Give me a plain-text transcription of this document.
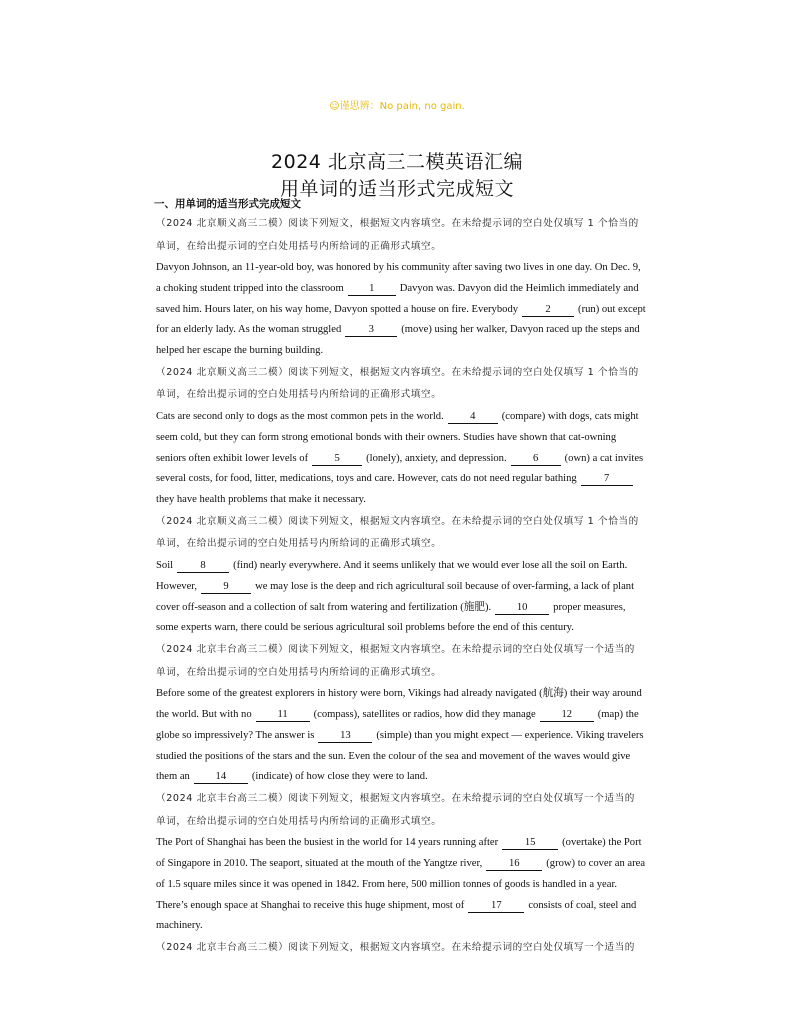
☺谨思辨：No pain, no gain.
2024 北京高三二模英语汇编
用单词的适当形式完成短文
一、用单词的适当形式完成短文
（2024 北京顺义高三二模）阅读下列短文，根据短文内容填空。在未给提示词的空白处仅填写 1 个恰当的
单词，在给出提示词的空白处用括号内所给词的正确形式填空。
Davyon Johnson, an 11-year-old boy, was honored by his community after saving two lives in one day. On Dec. 9,
a choking student tripped into the classroom 1 Davyon was. Davyon did the Heimlich immediately and
saved him. Hours later, on his way home, Davyon spotted a house on fire. Everybody	2	(run) out except
for an elderly lady. As the woman struggled	3	(move) using her walker, Davyon raced up the steps and
helped her escape the burning building.
（2024 北京顺义高三二模）阅读下列短文，根据短文内容填空。在未给提示词的空白处仅填写 1 个恰当的
单词，在给出提示词的空白处用括号内所给词的正确形式填空。
Cats are second only to dogs as the most common pets in the world. 4 (compare) with dogs, cats might
seem cold, but they can form strong emotional bonds with their owners. Studies have shown that cat-owning
seniors often exhibit lower levels of 5 (lonely), anxiety, and depression. 6 (own) a cat invites
several costs, for food, litter, medications, toys and care. However, cats do not need regular bathing	7
they have health problems that make it necessary.
（2024 北京顺义高三二模）阅读下列短文，根据短文内容填空。在未给提示词的空白处仅填写 1 个恰当的
单词，在给出提示词的空白处用括号内所给词的正确形式填空。
Soil	8	(find) nearly everywhere. And it seems unlikely that we would ever lose all the soil on Earth.
However, 9 we may lose is the deep and rich agricultural soil because of over-farming, a lack of plant
cover off-season and a collection of salt from watering and fertilization (施肥). 10 proper measures,
some experts warn, there could be serious agricultural soil problems before the end of this century.
（2024 北京丰台高三二模）阅读下列短文，根据短文内容填空。在未给提示词的空白处仅填写一个适当的
单词，在给出提示词的空白处用括号内所给词的正确形式填空。
Before some of the greatest explorers in history were born, Vikings had already navigated (航海) their way around
the world. But with no 11 (compass), satellites or radios, how did they manage 12 (map) the
globe so impressively? The answer is 13 (simple) than you might expect — experience. Viking travelers
studied the positions of the stars and the sun. Even the colour of the sea and movement of the waves would give
them an 14 (indicate) of how close they were to land.
（2024 北京丰台高三二模）阅读下列短文，根据短文内容填空。在未给提示词的空白处仅填写一个适当的
单词，在给出提示词的空白处用括号内所给词的正确形式填空。
The Port of Shanghai has been the busiest in the world for 14 years running after	15	(overtake) the Port
of Singapore in 2010. The seaport, situated at the mouth of the Yangtze river,	16	(grow) to cover an area
of 1.5 square miles since it was opened in 1842. From here, 500 million tonnes of goods is handled in a year.
There’s enough space at Shanghai to receive this huge shipment, most of	17	consists of coal, steel and
machinery.
（2024 北京丰台高三二模）阅读下列短文，根据短文内容填空。在未给提示词的空白处仅填写一个适当的
